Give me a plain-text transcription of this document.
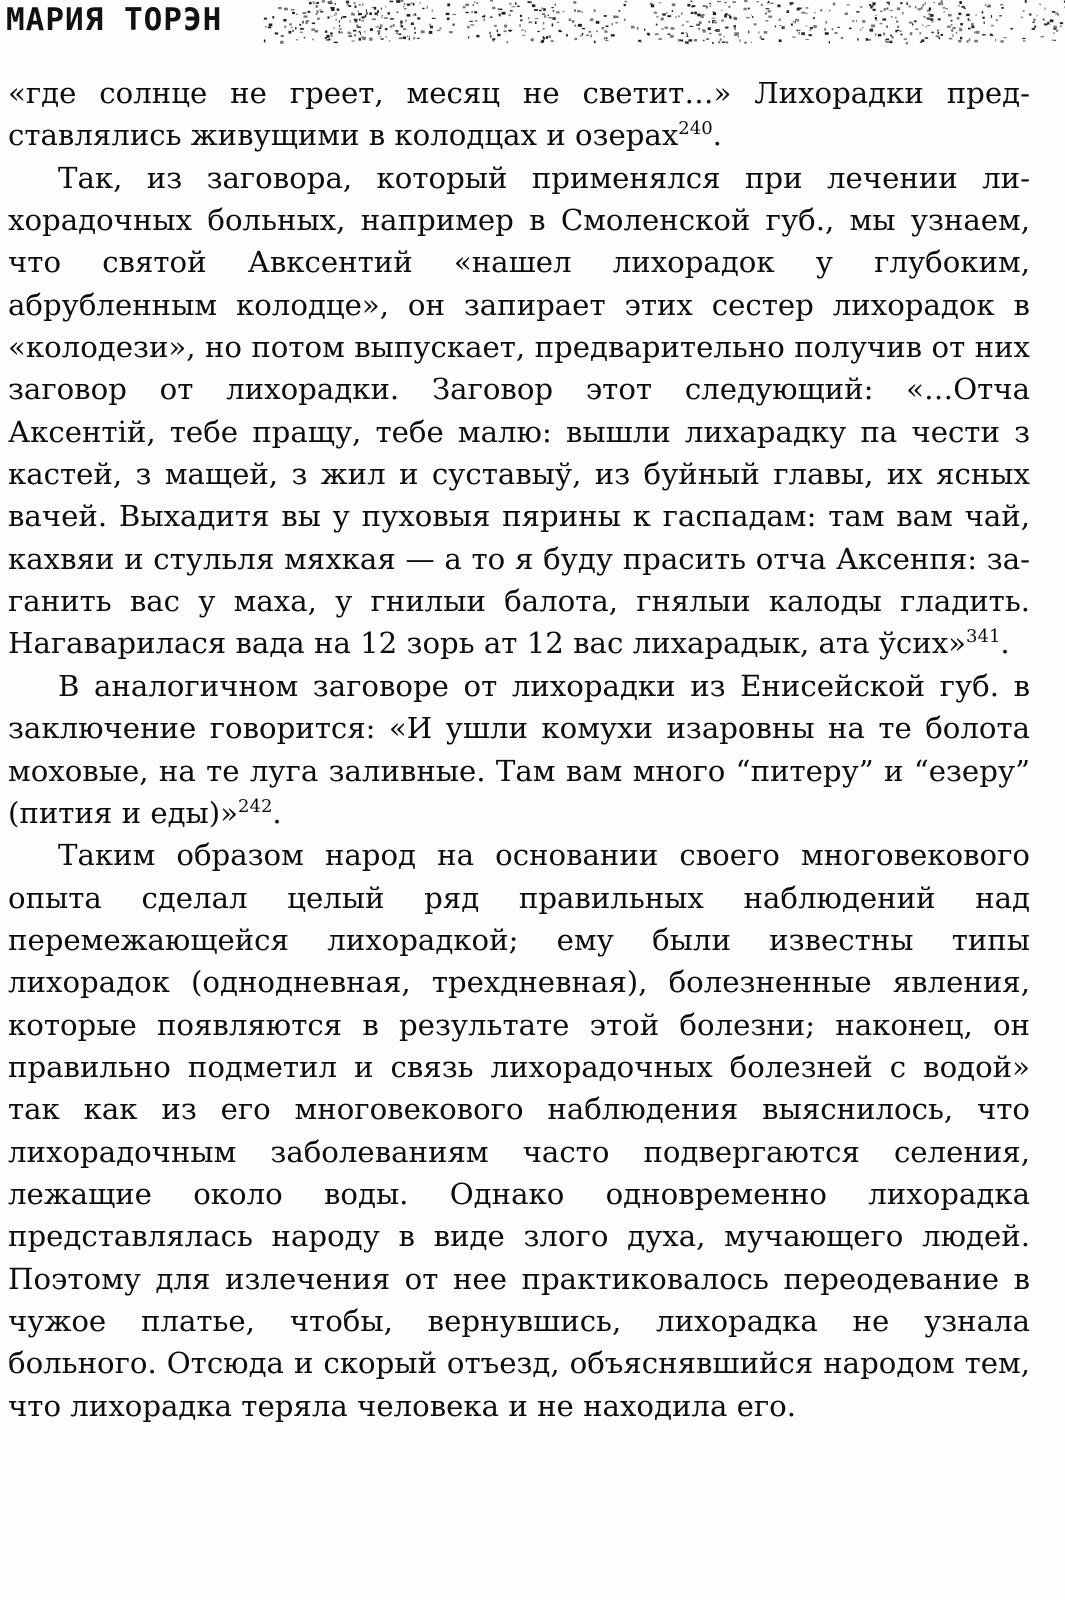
МАРИЯ ТОРЭН

«где солнце не греет, месяц не светит…» Лихорадки представлялись живущими в колодцах и озерах$^{240}$.

Так, из заговора, который применялся при лечении лихорадочных больных, например в Смоленской губ., мы узнаем, что святой Авксентий «нашел лихорадок у глубоким, абрубленным колодце», он запирает этих сестер лихорадок в «колодези», но потом выпускает, предварительно получив от них заговор от лихорадки. Заговор этот следующий: «…Отча Аксентiй, тебе пращу, тебе малю: вышли лихарадку па чести з кастей, з мащей, з жил и суставыў, из буйный главы, их ясных вачей. Выхадитя вы у пуховыя пярины к гаспадам: там вам чай, кахвяи и стульля мяхкая — а то я буду прасить отча Аксенпя: заганить вас у маха, у гнилыи балота, гнялыи калоды гладить. Нагаварилася вада на 12 зорь ат 12 вас лихарадык, ата ўсих»$^{341}$.

В аналогичном заговоре от лихорадки из Енисейской губ. в заключение говорится: «И ушли комухи изаровны на те болота моховые, на те луга заливные. Там вам много “питеру” и “езеру” (пития и еды)»$^{242}$.

Таким образом народ на основании своего многовекового опыта сделал целый ряд правильных наблюдений над перемежающейся лихорадкой; ему были известны типы лихорадок (однодневная, трехдневная), болезненные явления, которые появляются в результате этой болезни; наконец, он правильно подметил и связь лихорадочных болезней с водой» так как из его многовекового наблюдения выяснилось, что лихорадочным заболеваниям часто подвергаются селения, лежащие около воды. Однако одновременно лихорадка представлялась народу в виде злого духа, мучающего людей. Поэтому для излечения от нее практиковалось переодевание в чужое платье, чтобы, вернувшись, лихорадка не узнала больного. Отсюда и скорый отъезд, объяснявшийся народом тем, что лихорадка теряла человека и не находила его.
